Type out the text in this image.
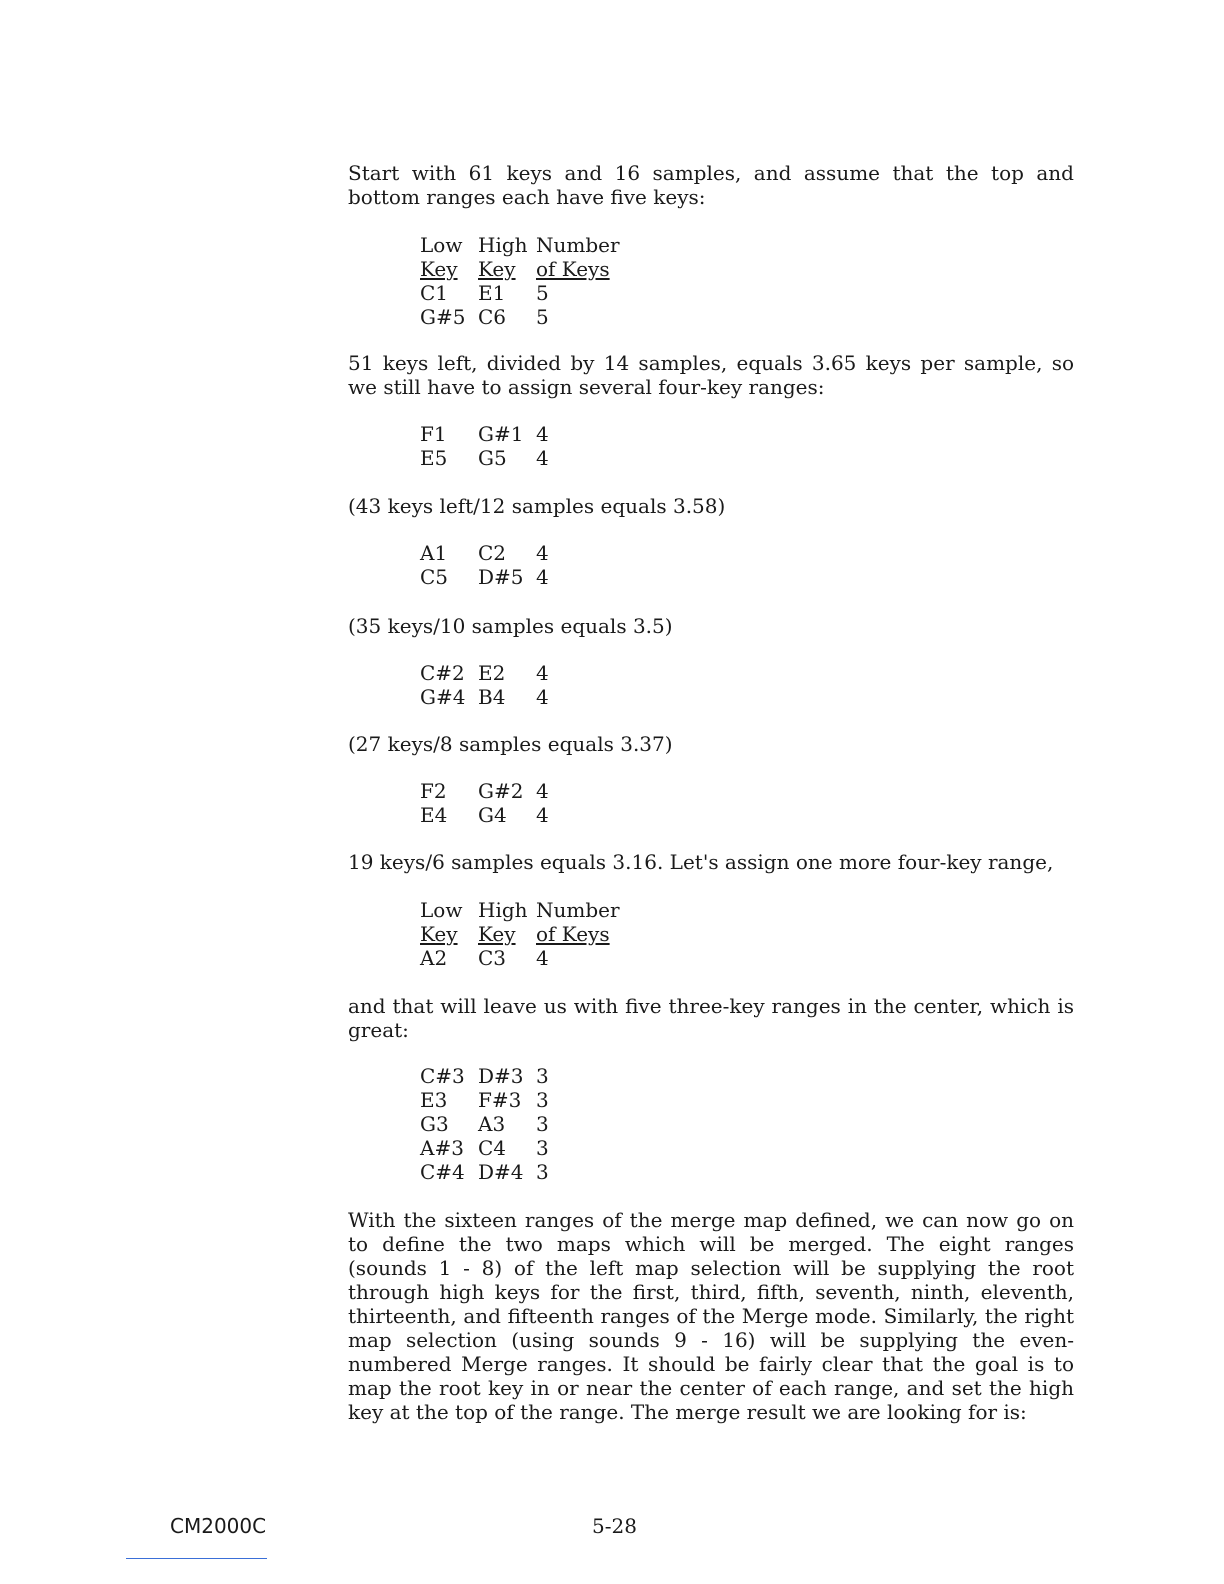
Start with 61 keys and 16 samples, and assume that the top and bottom ranges each have five keys:

Low High Number
Key	Key	of Keys
C1	E1	5
G#5 C6	5

51 keys left, divided by 14 samples, equals 3.65 keys per sample, so we still have to assign several four-key ranges:

F1	G#1 4
E5	G5	4

(43 keys left/12 samples equals 3.58)

A1	C2	4
C5	D#5 4

(35 keys/10 samples equals 3.5)

C#2 E2	4
G#4 B4	4

(27 keys/8 samples equals 3.37)

F2	G#2 4
E4	G4	4

19 keys/6 samples equals 3.16. Let's assign one more four-key range,

Low High Number
Key	Key	of Keys
A2	C3	4

and that will leave us with five three-key ranges in the center, which is great:

C#3 D#3 3
E3	F#3 3
G3	A3	3
A#3 C4	3
C#4 D#4 3

With the sixteen ranges of the merge map defined, we can now go on to define the two maps which will be merged. The eight ranges (sounds 1 - 8) of the left map selection will be supplying the root through high keys for the first, third, fifth, seventh, ninth, eleventh, thirteenth, and fifteenth ranges of the Merge mode. Similarly, the right map selection (using sounds 9 - 16) will be supplying the even-numbered Merge ranges. It should be fairly clear that the goal is to map the root key in or near the center of each range, and set the high key at the top of the range. The merge result we are looking for is:

CM2000C	5-28
